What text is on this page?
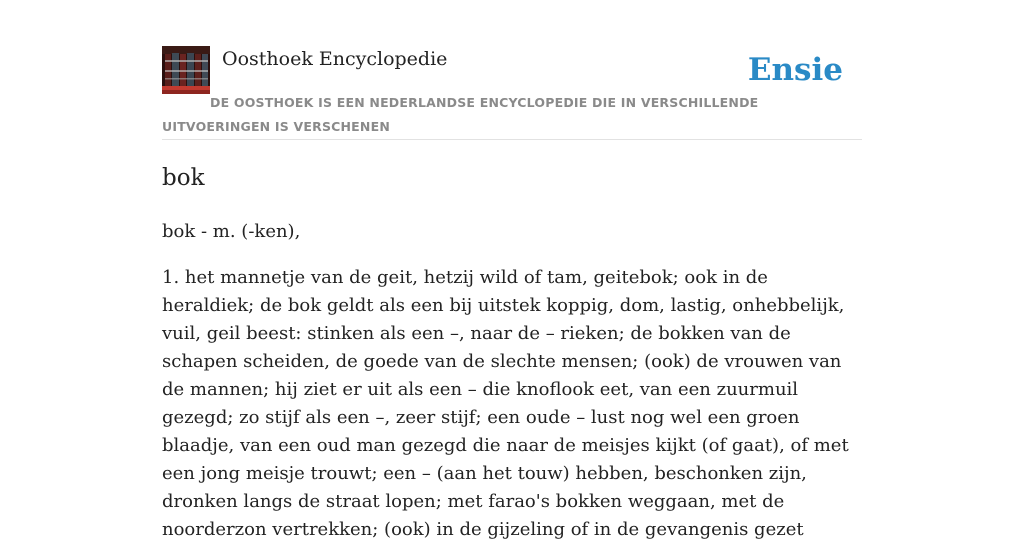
Oosthoek Encyclopedie	Ensie
DE OOSTHOEK IS EEN NEDERLANDSE ENCYCLOPEDIE DIE IN VERSCHILLENDE UITVOERINGEN IS VERSCHENEN
bok

bok - m. (-ken),

1. het mannetje van de geit, hetzij wild of tam, geitebok; ook in de heraldiek; de bok geldt als een bij uitstek koppig, dom, lastig, onhebbelijk, vuil, geil beest: stinken als een –, naar de – rieken; de bokken van de schapen scheiden, de goede van de slechte mensen; (ook) de vrouwen van de mannen; hij ziet er uit als een – die knoflook eet, van een zuurmuil gezegd; zo stijf als een –, zeer stijf; een oude – lust nog wel een groen blaadje, van een oud man gezegd die naar de meisjes kijkt (of gaat), of met een jong meisje trouwt; een – (aan het touw) hebben, beschonken zijn, dronken langs de straat lopen; met farao's bokken weggaan, met de noorderzon vertrekken; (ook) in de gijzeling of in de gevangenis gezet
